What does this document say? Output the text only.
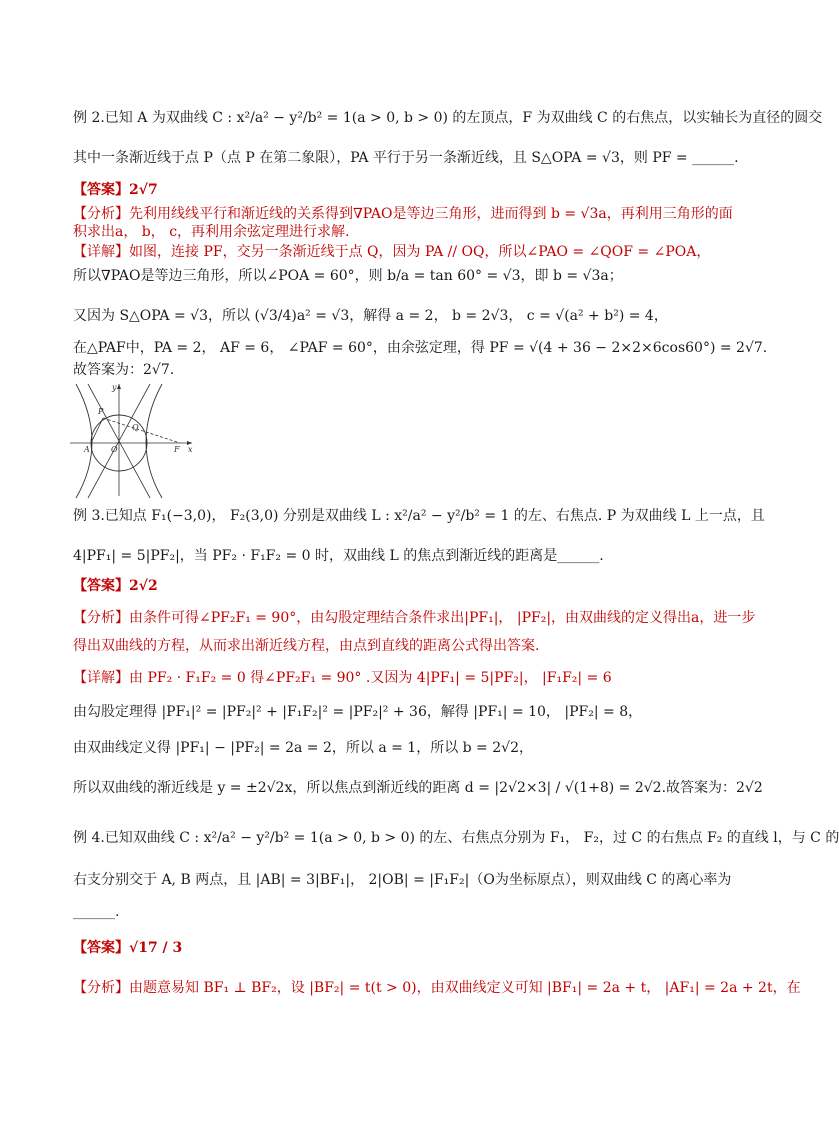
例 2.已知 A 为双曲线 C : x²/a² − y²/b² = 1(a > 0, b > 0) 的左顶点，F 为双曲线 C 的右焦点，以实轴长为直径的圆交
其中一条渐近线于点 P（点 P 在第二象限），PA 平行于另一条渐近线，且 S△OPA = √3，则 PF = ______.
【答案】2√7
【分析】先利用线线平行和渐近线的关系得到∇PAO是等边三角形，进而得到 b = √3a，再利用三角形的面
积求出a， b， c，再利用余弦定理进行求解.
【详解】如图，连接 PF，交另一条渐近线于点 Q，因为 PA // OQ，所以∠PAO = ∠QOF = ∠POA，
所以∇PAO是等边三角形，所以∠POA = 60°，则 b/a = tan 60° = √3，即 b = √3a；
又因为 S△OPA = √3，所以 (√3/4)a² = √3，解得 a = 2， b = 2√3， c = √(a² + b²) = 4，
在△PAF中，PA = 2， AF = 6， ∠PAF = 60°，由余弦定理，得 PF = √(4 + 36 − 2×2×6cos60°) = 2√7.
故答案为：2√7.
例 3.已知点 F₁(−3,0)， F₂(3,0) 分别是双曲线 L : x²/a² − y²/b² = 1 的左、右焦点. P 为双曲线 L 上一点，且
4|PF₁| = 5|PF₂|，当 PF₂ · F₁F₂ = 0 时，双曲线 L 的焦点到渐近线的距离是______.
【答案】2√2
【分析】由条件可得∠PF₂F₁ = 90°，由勾股定理结合条件求出|PF₁|， |PF₂|，由双曲线的定义得出a，进一步
得出双曲线的方程，从而求出渐近线方程，由点到直线的距离公式得出答案.
【详解】由 PF₂ · F₁F₂ = 0 得∠PF₂F₁ = 90° .又因为 4|PF₁| = 5|PF₂|， |F₁F₂| = 6
由勾股定理得 |PF₁|² = |PF₂|² + |F₁F₂|² = |PF₂|² + 36，解得 |PF₁| = 10， |PF₂| = 8，
由双曲线定义得 |PF₁| − |PF₂| = 2a = 2，所以 a = 1，所以 b = 2√2，
所以双曲线的渐近线是 y = ±2√2x，所以焦点到渐近线的距离 d = |2√2×3| / √(1+8) = 2√2.故答案为：2√2
例 4.已知双曲线 C : x²/a² − y²/b² = 1(a > 0, b > 0) 的左、右焦点分别为 F₁， F₂，过 C 的右焦点 F₂ 的直线 l，与 C 的
右支分别交于 A, B 两点，且 |AB| = 3|BF₁|， 2|OB| = |F₁F₂|（O为坐标原点），则双曲线 C 的离心率为
______.
【答案】√17 / 3
【分析】由题意易知 BF₁ ⊥ BF₂，设 |BF₂| = t(t > 0)，由双曲线定义可知 |BF₁| = 2a + t， |AF₁| = 2a + 2t，在
y
P
Q
A	O	F x
